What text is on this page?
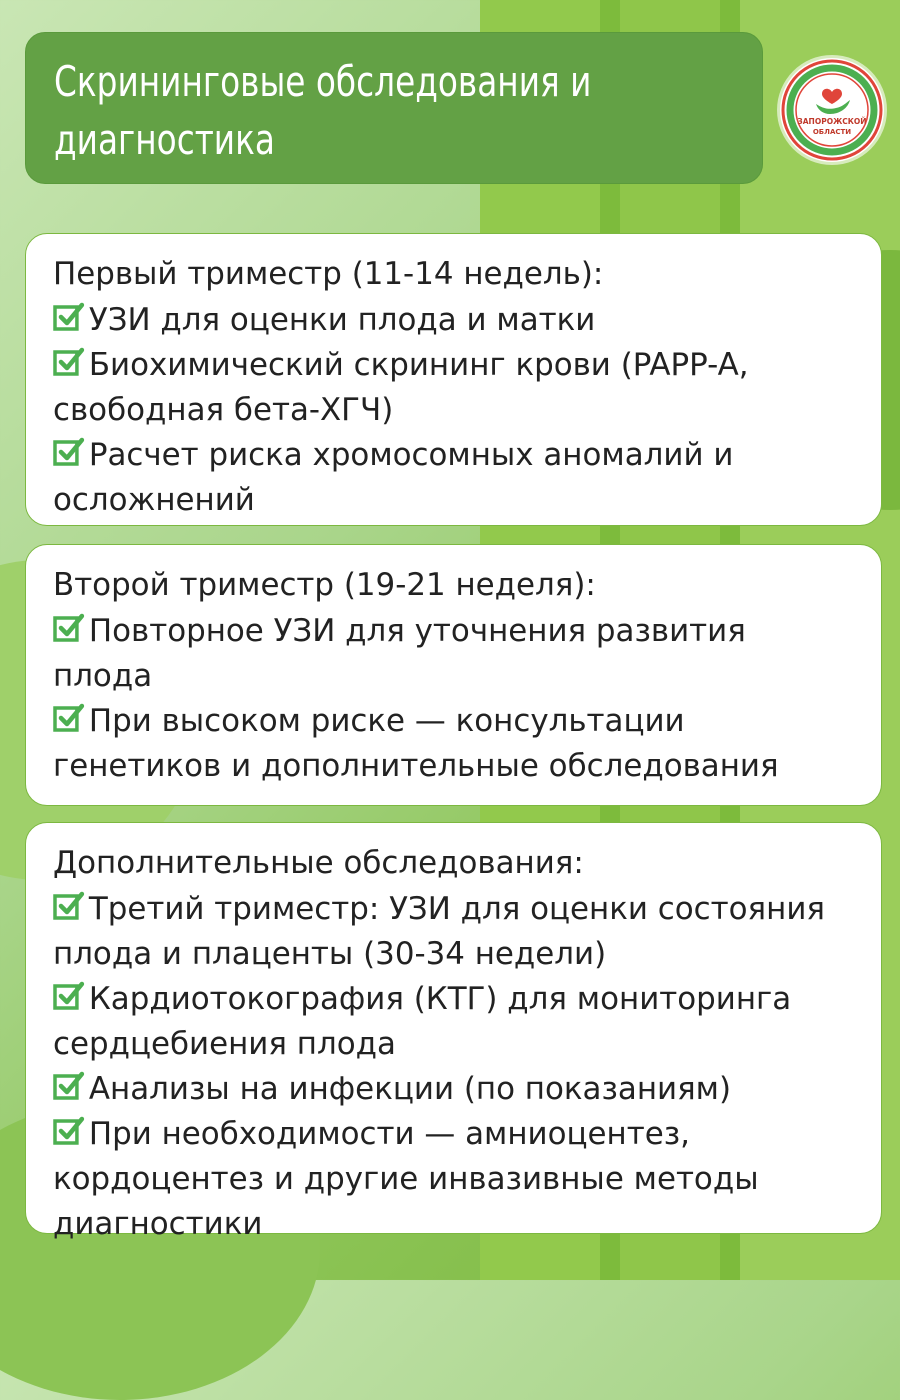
Скрининговые обследования и
диагностика	ЗАПОРОЖСКОЙ
ОБЛАСТИ
Первый триместр (11-14 недель):
УЗИ для оценки плода и матки
Биохимический скрининг крови (PAPP-A,
свободная бета-ХГЧ)
Расчет риска хромосомных аномалий и
осложнений
Второй триместр (19-21 неделя):
Повторное УЗИ для уточнения развития
плода
При высоком риске — консультации
генетиков и дополнительные обследования
Дополнительные обследования:
Третий триместр: УЗИ для оценки состояния
плода и плаценты (30-34 недели)
Кардиотокография (КТГ) для мониторинга
сердцебиения плода
Анализы на инфекции (по показаниям)
При необходимости — амниоцентез,
кордоцентез и другие инвазивные методы
диагностики
